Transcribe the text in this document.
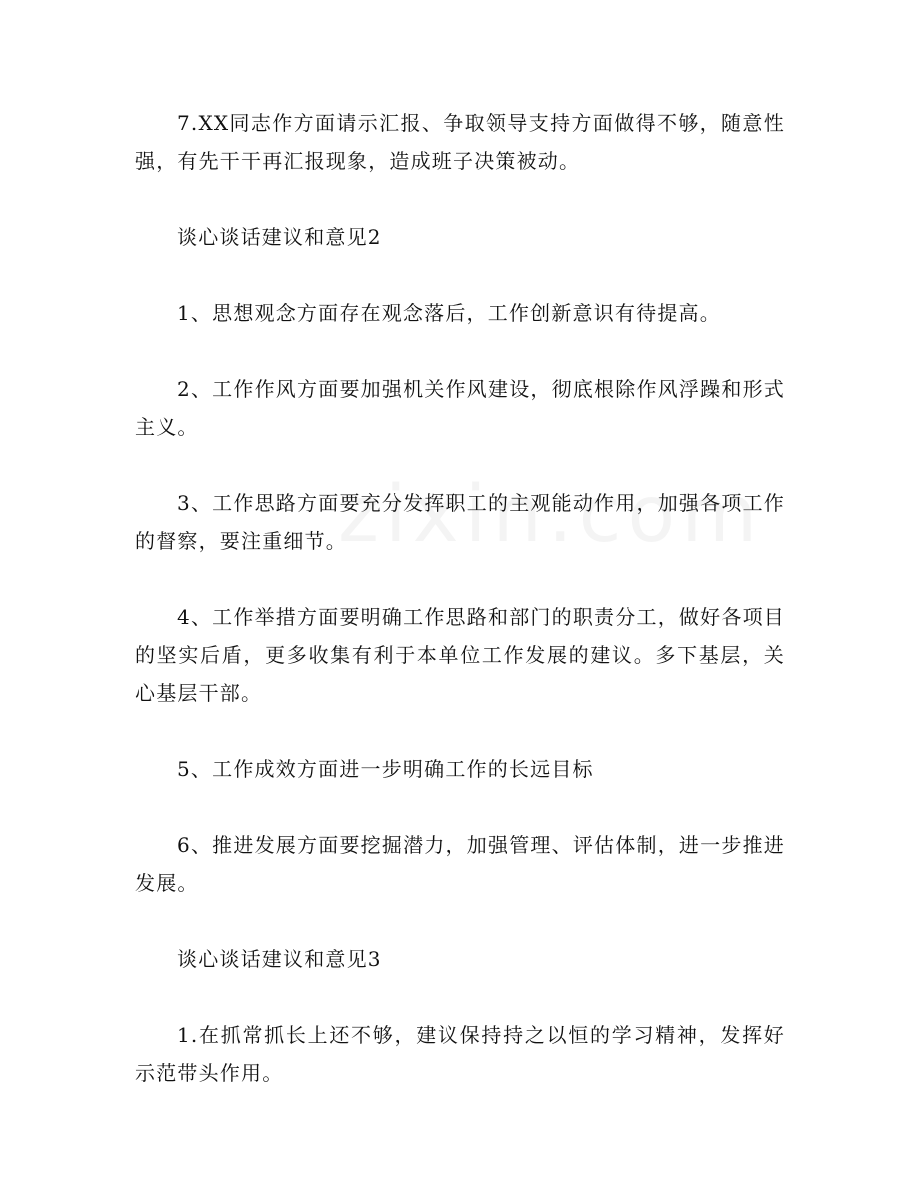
7.XX同志作方面请示汇报、争取领导支持方面做得不够，随意性强，有先干干再汇报现象，造成班子决策被动。

谈心谈话建议和意见2

1、思想观念方面存在观念落后，工作创新意识有待提高。

2、工作作风方面要加强机关作风建设，彻底根除作风浮躁和形式主义。

3、工作思路方面要充分发挥职工的主观能动作用，加强各项工作的督察，要注重细节。

4、工作举措方面要明确工作思路和部门的职责分工，做好各项目的坚实后盾，更多收集有利于本单位工作发展的建议。多下基层，关心基层干部。

5、工作成效方面进一步明确工作的长远目标

6、推进发展方面要挖掘潜力，加强管理、评估体制，进一步推进发展。

谈心谈话建议和意见3

1.在抓常抓长上还不够，建议保持持之以恒的学习精神，发挥好示范带头作用。
